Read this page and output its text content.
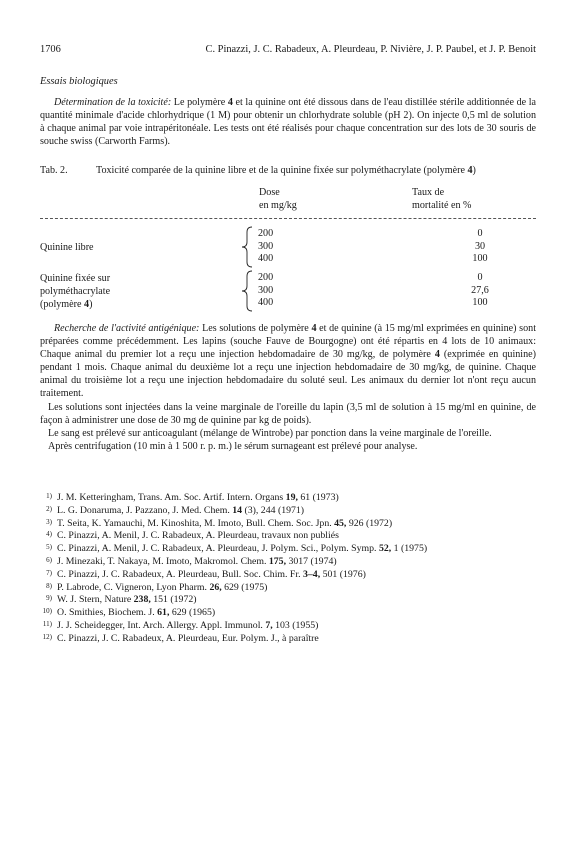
1706	C. Pinazzi, J. C. Rabadeux, A. Pleurdeau, P. Nivière, J. P. Paubel, et J. P. Benoit
Essais biologiques

Détermination de la toxicité: Le polymère 4 et la quinine ont été dissous dans de l'eau distillée stérile additionnée de la quantité minimale d'acide chlorhydrique (1 M) pour obtenir un chlorhydrate soluble (pH 2). On injecte 0,5 ml de solution à chaque animal par voie intrapéritonéale. Les tests ont été réalisés pour chaque concentration sur des lots de 30 souris de souche swiss (Carworth Farms).

Tab. 2.	Toxicité comparée de la quinine libre et de la quinine fixée sur polyméthacrylate (polymère 4)
Dose
en mg/kg
Taux de
mortalité en %
Quinine libre
200
300
400
0
30
100
Quinine fixée sur
polyméthacrylate
(polymère 4)
200
300
400
0
27,6
100

Recherche de l'activité antigénique: Les solutions de polymère 4 et de quinine (à 15 mg/ml exprimées en quinine) sont préparées comme précédemment. Les lapins (souche Fauve de Bourgogne) ont été répartis en 4 lots de 10 animaux: Chaque animal du premier lot a reçu une injection hebdomadaire de 30 mg/kg, de polymère 4 (exprimée en quinine) pendant 1 mois. Chaque animal du deuxième lot a reçu une injection hebdomadaire de 30 mg/kg, de quinine. Chaque animal du troisième lot a reçu une injection hebdomadaire du soluté seul. Les animaux du dernier lot n'ont reçu aucun traitement.

Les solutions sont injectées dans la veine marginale de l'oreille du lapin (3,5 ml de solution à 15 mg/ml en quinine, de façon à administrer une dose de 30 mg de quinine par kg de poids).

Le sang est prélevé sur anticoagulant (mélange de Wintrobe) par ponction dans la veine marginale de l'oreille.

Après centrifugation (10 min à 1 500 r. p. m.) le sérum surnageant est prélevé pour analyse.

1) J. M. Ketteringham, Trans. Am. Soc. Artif. Intern. Organs 19, 61 (1973)
2) L. G. Donaruma, J. Pazzano, J. Med. Chem. 14 (3), 244 (1971)
3) T. Seita, K. Yamauchi, M. Kinoshita, M. Imoto, Bull. Chem. Soc. Jpn. 45, 926 (1972)
4) C. Pinazzi, A. Menil, J. C. Rabadeux, A. Pleurdeau, travaux non publiés
5) C. Pinazzi, A. Menil, J. C. Rabadeux, A. Pleurdeau, J. Polym. Sci., Polym. Symp. 52, 1 (1975)
6) J. Minezaki, T. Nakaya, M. Imoto, Makromol. Chem. 175, 3017 (1974)
7) C. Pinazzi, J. C. Rabadeux, A. Pleurdeau, Bull. Soc. Chim. Fr. 3–4, 501 (1976)
8) P. Labrode, C. Vigneron, Lyon Pharm. 26, 629 (1975)
9) W. J. Stern, Nature 238, 151 (1972)
10) O. Smithies, Biochem. J. 61, 629 (1965)
11) J. J. Scheidegger, Int. Arch. Allergy. Appl. Immunol. 7, 103 (1955)
12) C. Pinazzi, J. C. Rabadeux, A. Pleurdeau, Eur. Polym. J., à paraître
